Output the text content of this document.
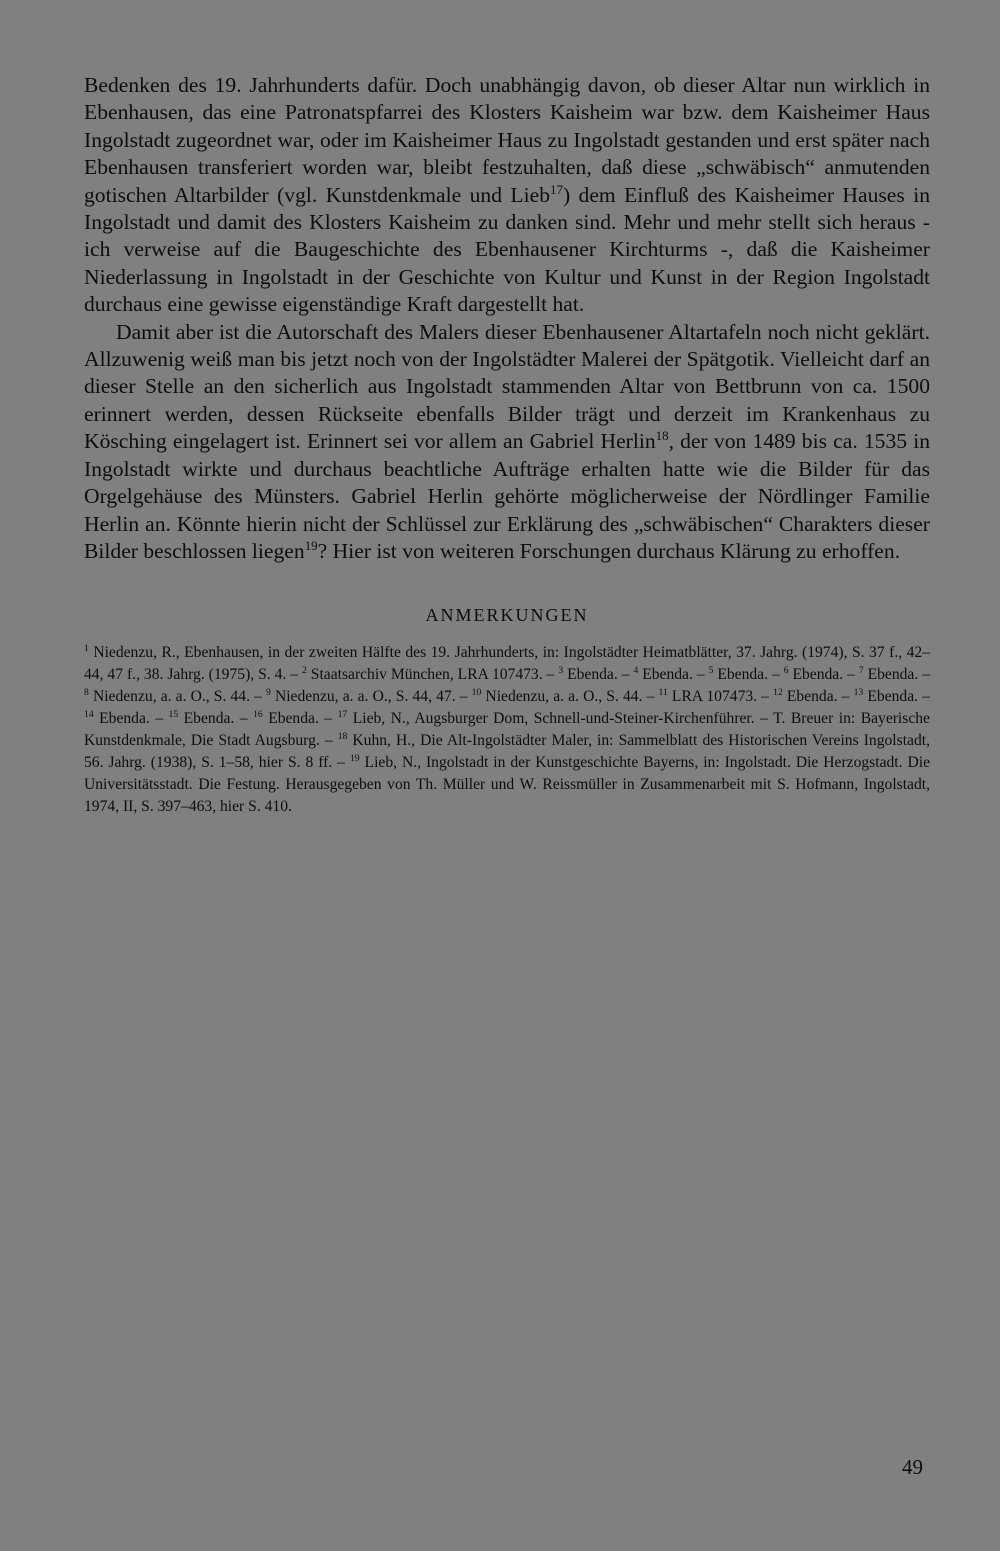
Bedenken des 19. Jahrhunderts dafür. Doch unabhängig davon, ob dieser Altar nun wirklich in Ebenhausen, das eine Patronatspfarrei des Klosters Kaisheim war bzw. dem Kaisheimer Haus Ingolstadt zugeordnet war, oder im Kaisheimer Haus zu Ingolstadt gestanden und erst später nach Ebenhausen transferiert worden war, bleibt festzuhalten, daß diese „schwäbisch“ anmutenden gotischen Altarbilder (vgl. Kunstdenkmale und Lieb$^{17}$) dem Einfluß des Kaisheimer Hauses in Ingolstadt und damit des Klosters Kaisheim zu danken sind. Mehr und mehr stellt sich heraus - ich verweise auf die Baugeschichte des Ebenhausener Kirchturms -, daß die Kaisheimer Niederlassung in Ingolstadt in der Geschichte von Kultur und Kunst in der Region Ingolstadt durchaus eine gewisse eigenständige Kraft dargestellt hat.

Damit aber ist die Autorschaft des Malers dieser Ebenhausener Altartafeln noch nicht geklärt. Allzuwenig weiß man bis jetzt noch von der Ingolstädter Malerei der Spätgotik. Vielleicht darf an dieser Stelle an den sicherlich aus Ingolstadt stammenden Altar von Bettbrunn von ca. 1500 erinnert werden, dessen Rückseite ebenfalls Bilder trägt und derzeit im Krankenhaus zu Kösching eingelagert ist. Erinnert sei vor allem an Gabriel Herlin$^{18}$, der von 1489 bis ca. 1535 in Ingolstadt wirkte und durchaus beachtliche Aufträge erhalten hatte wie die Bilder für das Orgelgehäuse des Münsters. Gabriel Herlin gehörte möglicherweise der Nördlinger Familie Herlin an. Könnte hierin nicht der Schlüssel zur Erklärung des „schwäbischen“ Charakters dieser Bilder beschlossen liegen$^{19}$? Hier ist von weiteren Forschungen durchaus Klärung zu erhoffen.

ANMERKUNGEN

$^1$ Niedenzu, R., Ebenhausen, in der zweiten Hälfte des 19. Jahrhunderts, in: Ingolstädter Heimatblätter, 37. Jahrg. (1974), S. 37 f., 42–44, 47 f., 38. Jahrg. (1975), S. 4. – $^2$ Staatsarchiv München, LRA 107473. – $^3$ Ebenda. – $^4$ Ebenda. – $^5$ Ebenda. – $^6$ Ebenda. – $^7$ Ebenda. – $^8$ Niedenzu, a. a. O., S. 44. – $^9$ Niedenzu, a. a. O., S. 44, 47. – $^{10}$ Niedenzu, a. a. O., S. 44. – $^{11}$ LRA 107473. – $^{12}$ Ebenda. – $^{13}$ Ebenda. – $^{14}$ Ebenda. – $^{15}$ Ebenda. – $^{16}$ Ebenda. – $^{17}$ Lieb, N., Augsburger Dom, Schnell-und-Steiner-Kirchenführer. – T. Breuer in: Bayerische Kunstdenkmale, Die Stadt Augsburg. – $^{18}$ Kuhn, H., Die Alt-Ingolstädter Maler, in: Sammelblatt des Historischen Vereins Ingolstadt, 56. Jahrg. (1938), S. 1–58, hier S. 8 ff. – $^{19}$ Lieb, N., Ingolstadt in der Kunstgeschichte Bayerns, in: Ingolstadt. Die Herzogstadt. Die Universitätsstadt. Die Festung. Herausgegeben von Th. Müller und W. Reissmüller in Zusammenarbeit mit S. Hofmann, Ingolstadt, 1974, II, S. 397–463, hier S. 410.

49
